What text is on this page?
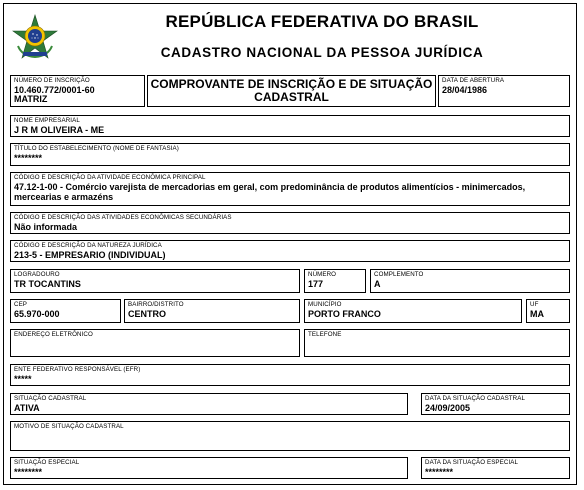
REPÚBLICA FEDERATIVA DO BRASIL
CADASTRO NACIONAL DA PESSOA JURÍDICA
NÚMERO DE INSCRIÇÃO
10.460.772/0001-60
MATRIZ
COMPROVANTE DE INSCRIÇÃO E DE SITUAÇÃO CADASTRAL
DATA DE ABERTURA
28/04/1986
NOME EMPRESARIAL
J R M OLIVEIRA - ME
TÍTULO DO ESTABELECIMENTO (NOME DE FANTASIA)
********
CÓDIGO E DESCRIÇÃO DA ATIVIDADE ECONÔMICA PRINCIPAL
47.12-1-00 - Comércio varejista de mercadorias em geral, com predominância de produtos alimentícios - minimercados, mercearias e armazéns
CÓDIGO E DESCRIÇÃO DAS ATIVIDADES ECONÔMICAS SECUNDÁRIAS
Não informada
CÓDIGO E DESCRIÇÃO DA NATUREZA JURÍDICA
213-5 - EMPRESARIO (INDIVIDUAL)
LOGRADOURO
TR TOCANTINS
NÚMERO
177
COMPLEMENTO
A
CEP
65.970-000
BAIRRO/DISTRITO
CENTRO
MUNICÍPIO
PORTO FRANCO
UF
MA
ENDEREÇO ELETRÔNICO	TELEFONE
ENTE FEDERATIVO RESPONSÁVEL (EFR)
*****
SITUAÇÃO CADASTRAL
ATIVA
DATA DA SITUAÇÃO CADASTRAL
24/09/2005
MOTIVO DE SITUAÇÃO CADASTRAL
SITUAÇÃO ESPECIAL
********
DATA DA SITUAÇÃO ESPECIAL
********
